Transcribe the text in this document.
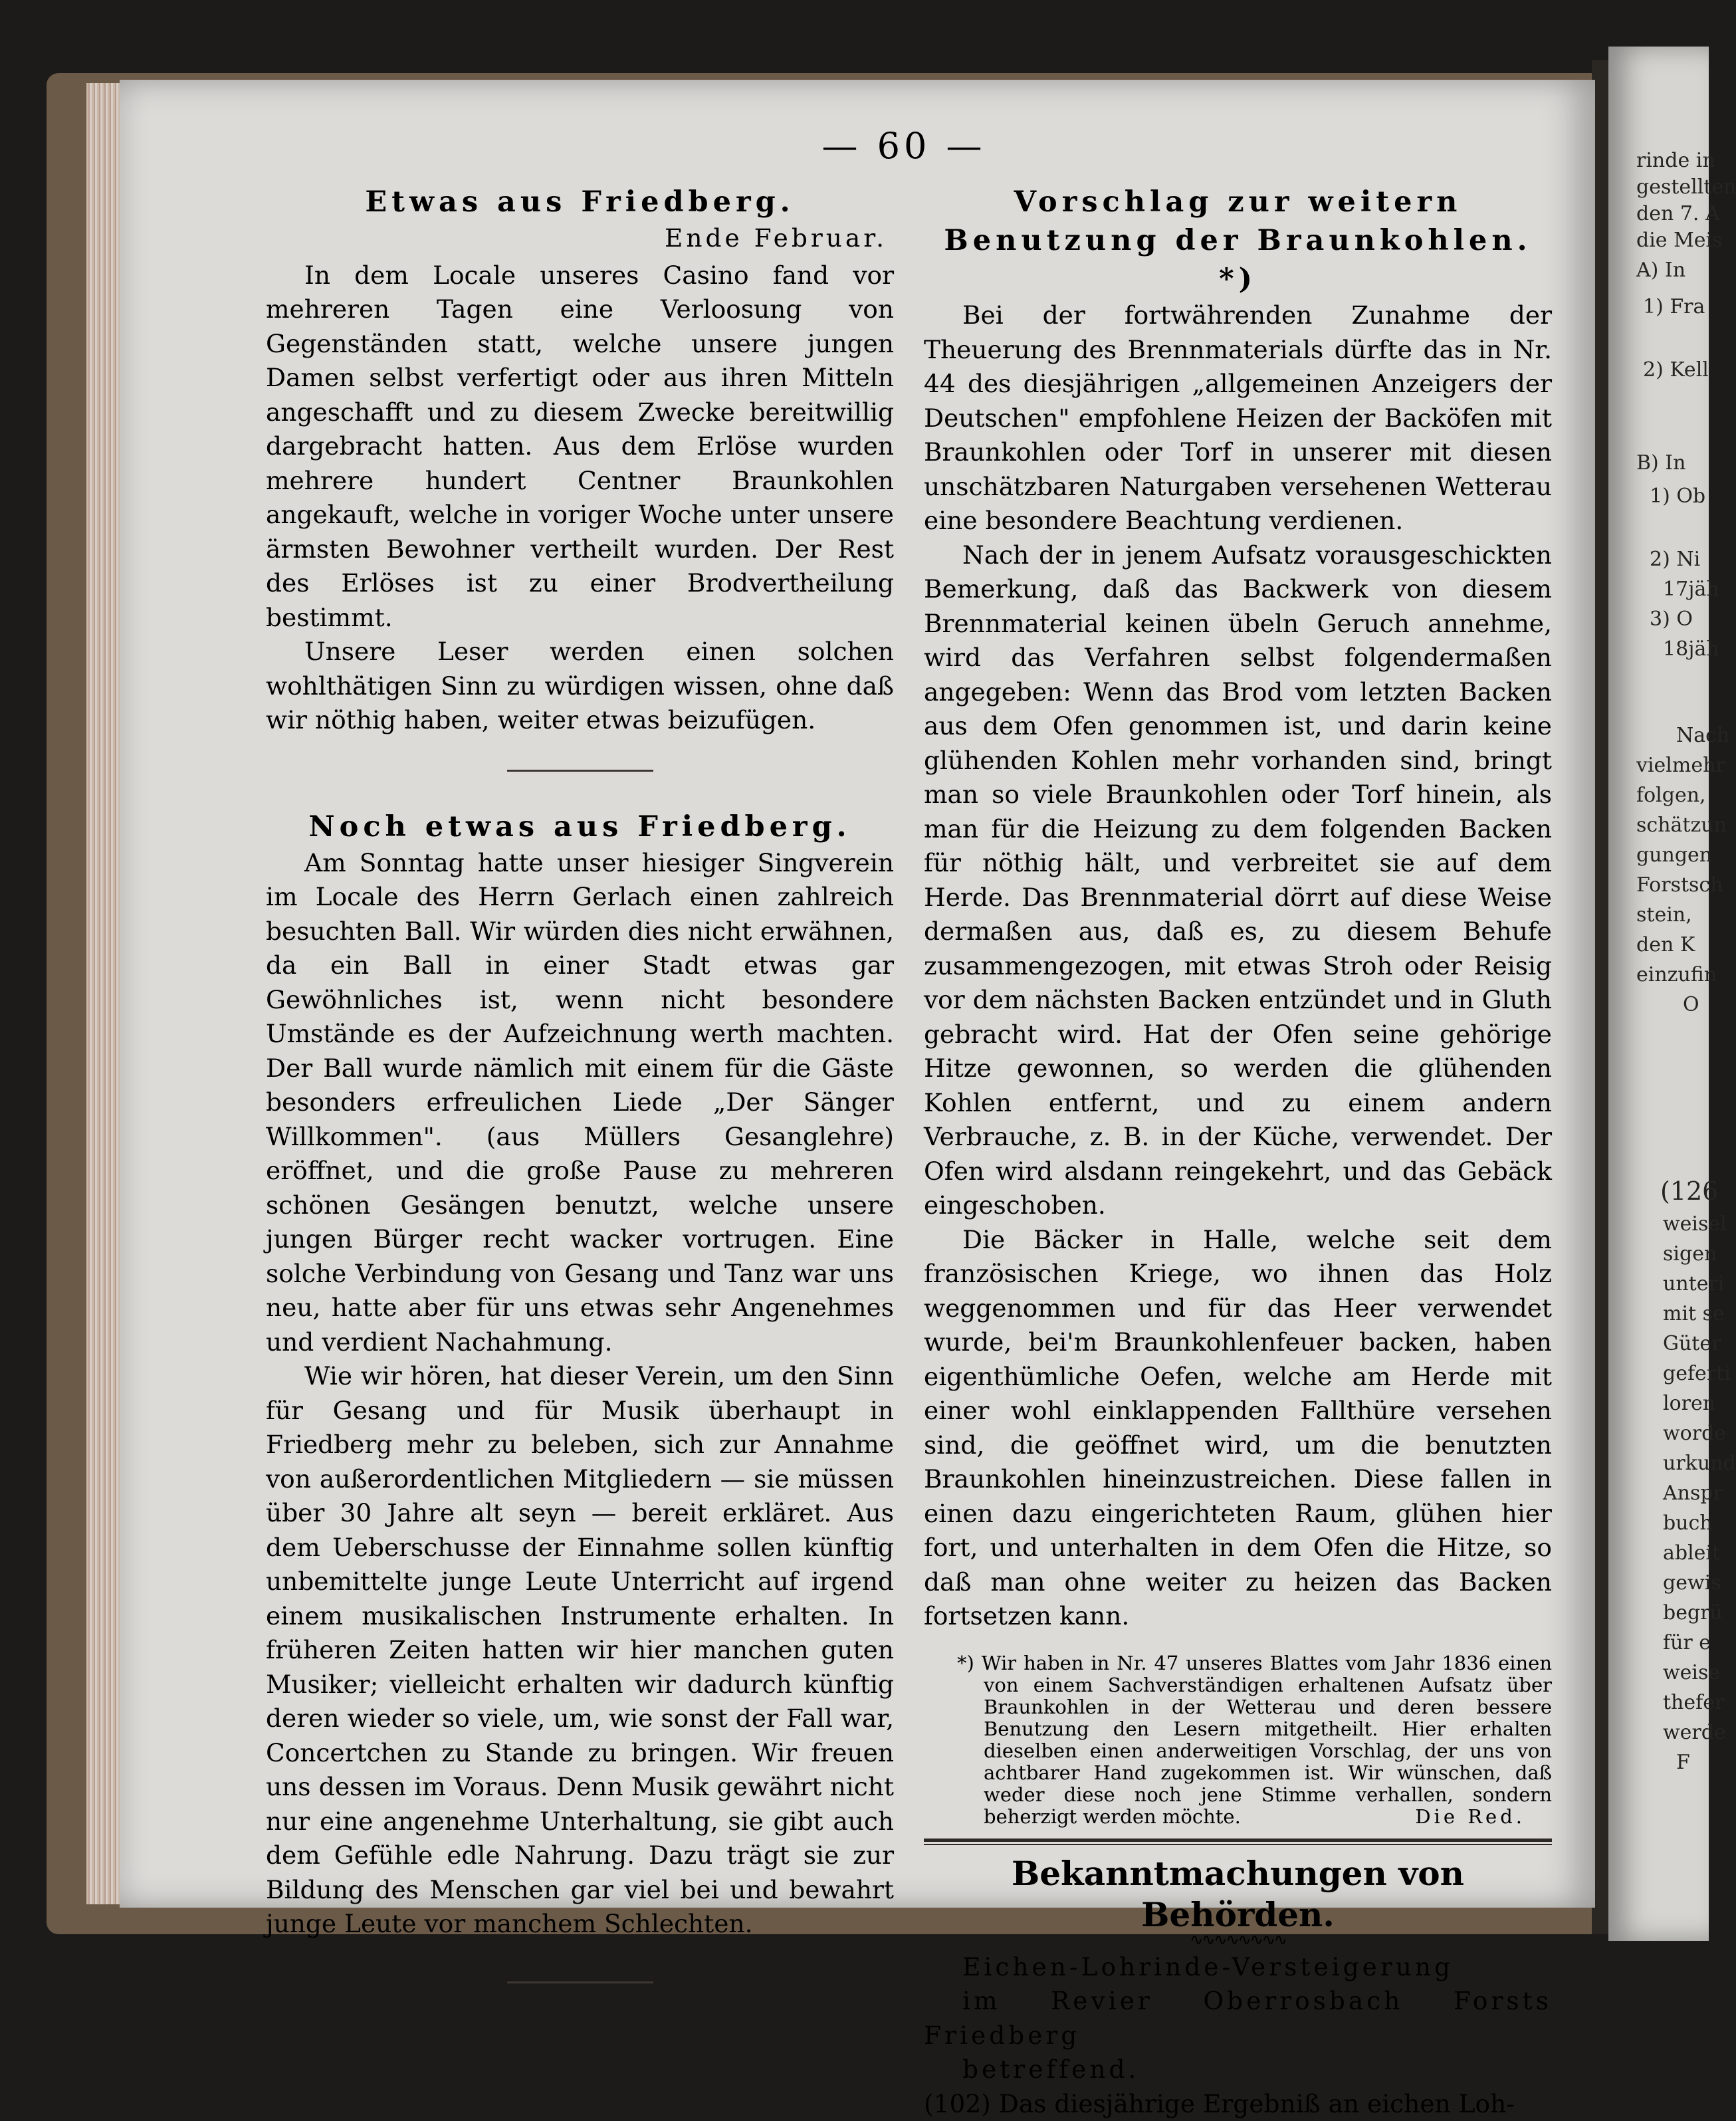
— 60 —
Etwas aus Friedberg.
Ende Februar.

In dem Locale unseres Casino fand vor mehreren Tagen eine Verloosung von Gegenständen statt, welche unsere jungen Damen selbst verfertigt oder aus ihren Mitteln angeschafft und zu diesem Zwecke bereitwillig dargebracht hatten. Aus dem Erlöse wurden mehrere hundert Centner Braunkohlen angekauft, welche in voriger Woche unter unsere ärmsten Bewohner vertheilt wurden. Der Rest des Erlöses ist zu einer Brodvertheilung bestimmt.

Unsere Leser werden einen solchen wohlthätigen Sinn zu würdigen wissen, ohne daß wir nöthig haben, weiter etwas beizufügen.

Noch etwas aus Friedberg.

Am Sonntag hatte unser hiesiger Singverein im Locale des Herrn Gerlach einen zahlreich besuchten Ball. Wir würden dies nicht erwähnen, da ein Ball in einer Stadt etwas gar Gewöhnliches ist, wenn nicht besondere Umstände es der Aufzeichnung werth machten. Der Ball wurde nämlich mit einem für die Gäste besonders erfreulichen Liede „Der Sänger Willkommen". (aus Müllers Gesanglehre) eröffnet, und die große Pause zu mehreren schönen Gesängen benutzt, welche unsere jungen Bürger recht wacker vortrugen. Eine solche Verbindung von Gesang und Tanz war uns neu, hatte aber für uns etwas sehr Angenehmes und verdient Nachahmung.

Wie wir hören, hat dieser Verein, um den Sinn für Gesang und für Musik überhaupt in Friedberg mehr zu beleben, sich zur Annahme von außerordentlichen Mitgliedern — sie müssen über 30 Jahre alt seyn — bereit erkläret. Aus dem Ueberschusse der Einnahme sollen künftig unbemittelte junge Leute Unterricht auf irgend einem musikalischen Instrumente erhalten. In früheren Zeiten hatten wir hier manchen guten Musiker; vielleicht erhalten wir dadurch künftig deren wieder so viele, um, wie sonst der Fall war, Concertchen zu Stande zu bringen. Wir freuen uns dessen im Voraus. Denn Musik gewährt nicht nur eine angenehme Unterhaltung, sie gibt auch dem Gefühle edle Nahrung. Dazu trägt sie zur Bildung des Menschen gar viel bei und bewahrt junge Leute vor manchem Schlechten.

Vorschlag zur weitern Benutzung der Braunkohlen. *)

Bei der fortwährenden Zunahme der Theuerung des Brennmaterials dürfte das in Nr. 44 des diesjährigen „allgemeinen Anzeigers der Deutschen" empfohlene Heizen der Backöfen mit Braunkohlen oder Torf in unserer mit diesen unschätzbaren Naturgaben versehenen Wetterau eine besondere Beachtung verdienen.

Nach der in jenem Aufsatz vorausgeschickten Bemerkung, daß das Backwerk von diesem Brennmaterial keinen übeln Geruch annehme, wird das Verfahren selbst folgendermaßen angegeben: Wenn das Brod vom letzten Backen aus dem Ofen genommen ist, und darin keine glühenden Kohlen mehr vorhanden sind, bringt man so viele Braunkohlen oder Torf hinein, als man für die Heizung zu dem folgenden Backen für nöthig hält, und verbreitet sie auf dem Herde. Das Brennmaterial dörrt auf diese Weise dermaßen aus, daß es, zu diesem Behufe zusammengezogen, mit etwas Stroh oder Reisig vor dem nächsten Backen entzündet und in Gluth gebracht wird. Hat der Ofen seine gehörige Hitze gewonnen, so werden die glühenden Kohlen entfernt, und zu einem andern Verbrauche, z. B. in der Küche, verwendet. Der Ofen wird alsdann reingekehrt, und das Gebäck eingeschoben.

Die Bäcker in Halle, welche seit dem französischen Kriege, wo ihnen das Holz weggenommen und für das Heer verwendet wurde, bei'm Braunkohlenfeuer backen, haben eigenthümliche Oefen, welche am Herde mit einer wohl einklappenden Fallthüre versehen sind, die geöffnet wird, um die benutzten Braunkohlen hineinzustreichen. Diese fallen in einen dazu eingerichteten Raum, glühen hier fort, und unterhalten in dem Ofen die Hitze, so daß man ohne weiter zu heizen das Backen fortsetzen kann.

*) Wir haben in Nr. 47 unseres Blattes vom Jahr 1836 einen von einem Sachverständigen erhaltenen Aufsatz über Braunkohlen in der Wetterau und deren bessere Benutzung den Lesern mitgetheilt. Hier erhalten dieselben einen anderweitigen Vorschlag, der uns von achtbarer Hand zugekommen ist. Wir wünschen, daß weder diese noch jene Stimme verhallen, sondern beherzigt werden möchte.	Die Red.
Bekanntmachungen von Behörden.
∿∿∿∿∿∿∿∿

Eichen-Lohrinde-Versteigerung

im Revier Oberrosbach Forsts Friedberg

betreffend.

(102) Das diesjährige Ergebniß an eichen Loh-

rinde in
gestellten
den 7. A
die Meis
A) In
1) Fra
2) Kell
B) In
1) Ob
2) Ni
17jäh
3) O
18jäh
Nach
vielmehr
folgen,
schätzun
gungen
Forstsch
stein,
den K
einzufin
O
(126
weisel
sigen
unteri
mit se
Güter
geferti
loren
worde
urkund
Anspr
buch
ableit
gewis
begrü
für e
weise
thefer
werde
F
